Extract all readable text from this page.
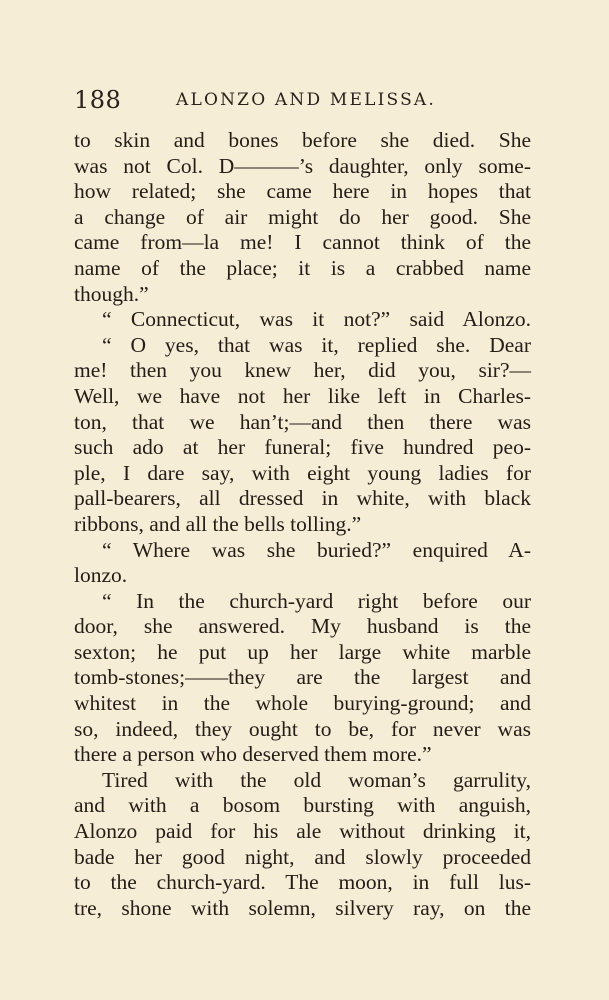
188	ALONZO AND MELISSA.
to skin and bones before she died. She
was not Col. D———’s daughter, only some-
how related; she came here in hopes that
a change of air might do her good. She
came from—la me! I cannot think of the
name of the place; it is a crabbed name
though.”
“ Connecticut, was it not?” said Alonzo.
“ O yes, that was it, replied she. Dear
me! then you knew her, did you, sir?—
Well, we have not her like left in Charles-
ton, that we han’t;—and then there was
such ado at her funeral; five hundred peo-
ple, I dare say, with eight young ladies for
pall-bearers, all dressed in white, with black
ribbons, and all the bells tolling.”
“ Where was she buried?” enquired A-
lonzo.
“ In the church-yard right before our
door, she answered. My husband is the
sexton; he put up her large white marble
tomb-stones;——they are the largest and
whitest in the whole burying-ground; and
so, indeed, they ought to be, for never was
there a person who deserved them more.”
Tired with the old woman’s garrulity,
and with a bosom bursting with anguish,
Alonzo paid for his ale without drinking it,
bade her good night, and slowly proceeded
to the church-yard. The moon, in full lus-
tre, shone with solemn, silvery ray, on the
